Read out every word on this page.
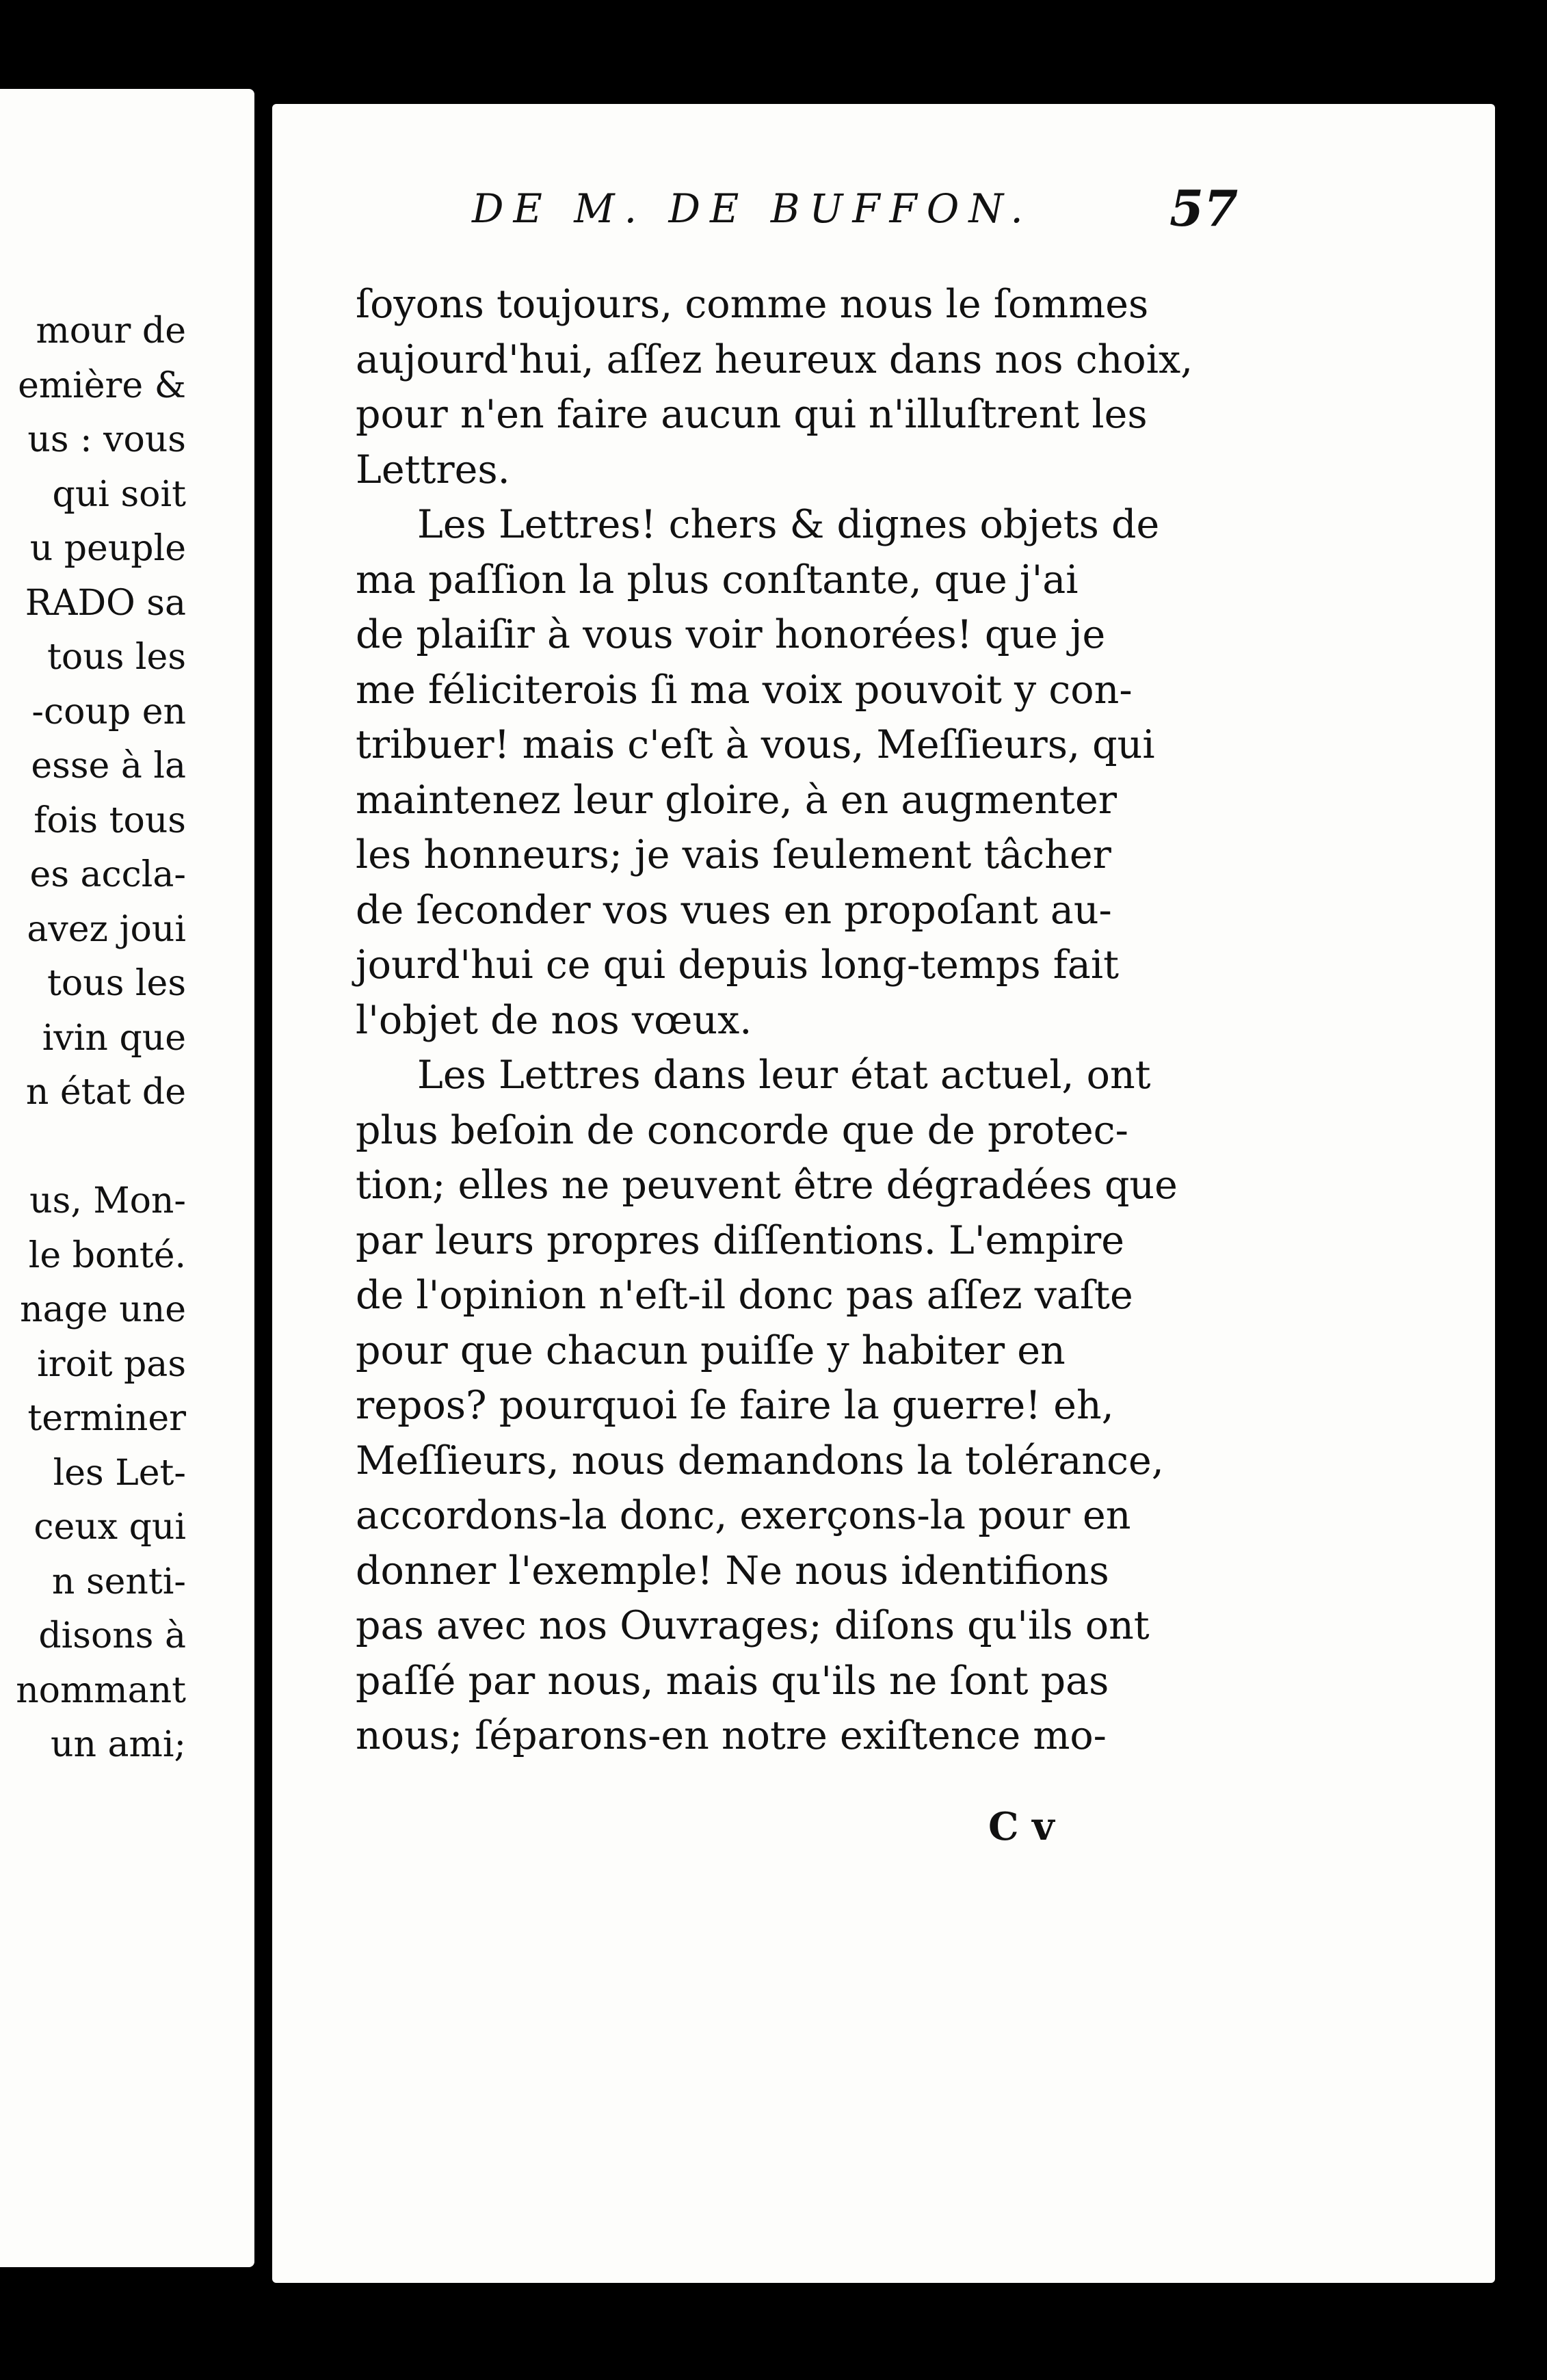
mour de
emière &
us : vous
qui soit
u peuple
RADO sa
tous les
-coup en
esse à la
fois tous
es accla-
avez joui
tous les
ivin que
n état de
us, Mon-
le bonté.
nage une
iroit pas
terminer
les Let-
ceux qui
n senti-
disons à
nommant
un ami;
DE M. DE BUFFON.	57
ſoyons toujours, comme nous le ſommes
aujourd'hui, aſſez heureux dans nos choix,
pour n'en faire aucun qui n'illuſtrent les
Lettres.
Les Lettres! chers & dignes objets de
ma paſſion la plus conſtante, que j'ai
de plaiſir à vous voir honorées! que je
me féliciterois ſi ma voix pouvoit y con-
tribuer! mais c'eſt à vous, Meſſieurs, qui
maintenez leur gloire, à en augmenter
les honneurs; je vais ſeulement tâcher
de ſeconder vos vues en propoſant au-
jourd'hui ce qui depuis long-temps fait
l'objet de nos vœux.
Les Lettres dans leur état actuel, ont
plus beſoin de concorde que de protec-
tion; elles ne peuvent être dégradées que
par leurs propres diſſentions. L'empire
de l'opinion n'eſt-il donc pas aſſez vaſte
pour que chacun puiſſe y habiter en
repos? pourquoi ſe faire la guerre! eh,
Meſſieurs, nous demandons la tolérance,
accordons-la donc, exerçons-la pour en
donner l'exemple! Ne nous identifions
pas avec nos Ouvrages; diſons qu'ils ont
paſſé par nous, mais qu'ils ne ſont pas
nous; ſéparons-en notre exiſtence mo-
C v
